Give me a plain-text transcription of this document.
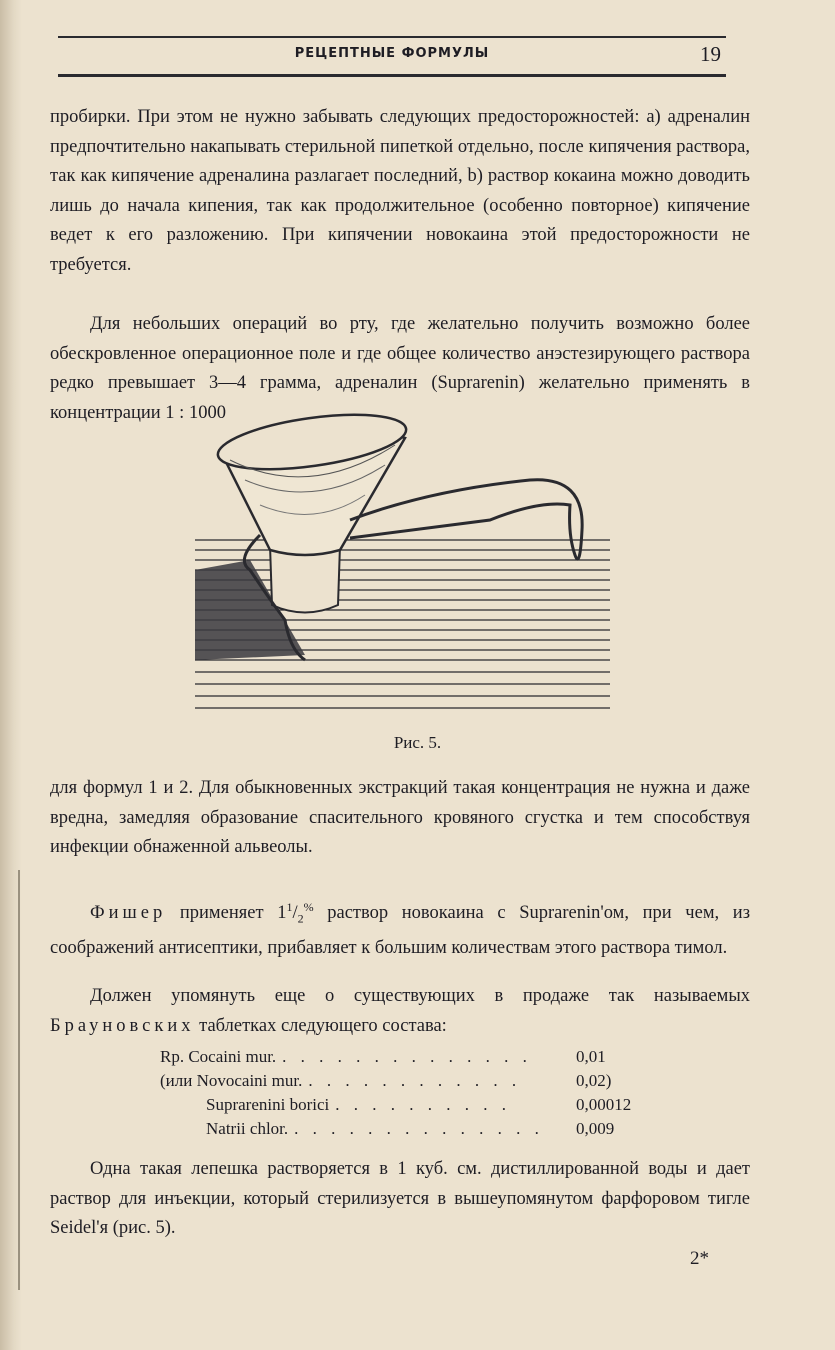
РЕЦЕПТНЫЕ ФОРМУЛЫ	19

пробирки. При этом не нужно забывать следующих предосторожностей: а) адреналин предпочтительно накапывать стерильной пипеткой отдельно, после кипячения раствора, так как кипячение адреналина разлагает последний, b) раствор кокаина можно доводить лишь до начала кипения, так как продолжительное (особенно повторное) кипячение ведет к его разложению. При кипячении новокаина этой предосторожности не требуется.

Для небольших операций во рту, где желательно получить возможно более обескровленное операционное поле и где общее количество анэстезирующего раствора редко превышает 3—4 грамма, адреналин (Suprarenin) желательно применять в концентрации 1 : 1000

Рис. 5.

для формул 1 и 2. Для обыкновенных экстракций такая концентрация не нужна и даже вредна, замедляя образование спасительного кровяного сгустка и тем способствуя инфекции обнаженной альвеолы.

Фишер применяет $1^1/_2^{\%}$ раствор новокаина с Suprarenin'ом, при чем, из соображений антисептики, прибавляет к большим количествам этого раствора тимол.

Должен упомянуть еще о существующих в продаже так называемых Брауновских таблетках следующего состава:

Rp. Cocaini mur. . . . . . . . . . . . . . .	0,01
(или Novocaini mur. . . . . . . . . . . . .	0,02)
Suprarenini borici . . . . . . . . . .	0,00012
Natrii chlor. . . . . . . . . . . . . . .	0,009

Одна такая лепешка растворяется в 1 куб. см. дистиллированной воды и дает раствор для инъекции, который стерилизуется в вышеупомянутом фарфоровом тигле Seidel'я (рис. 5).

2*
